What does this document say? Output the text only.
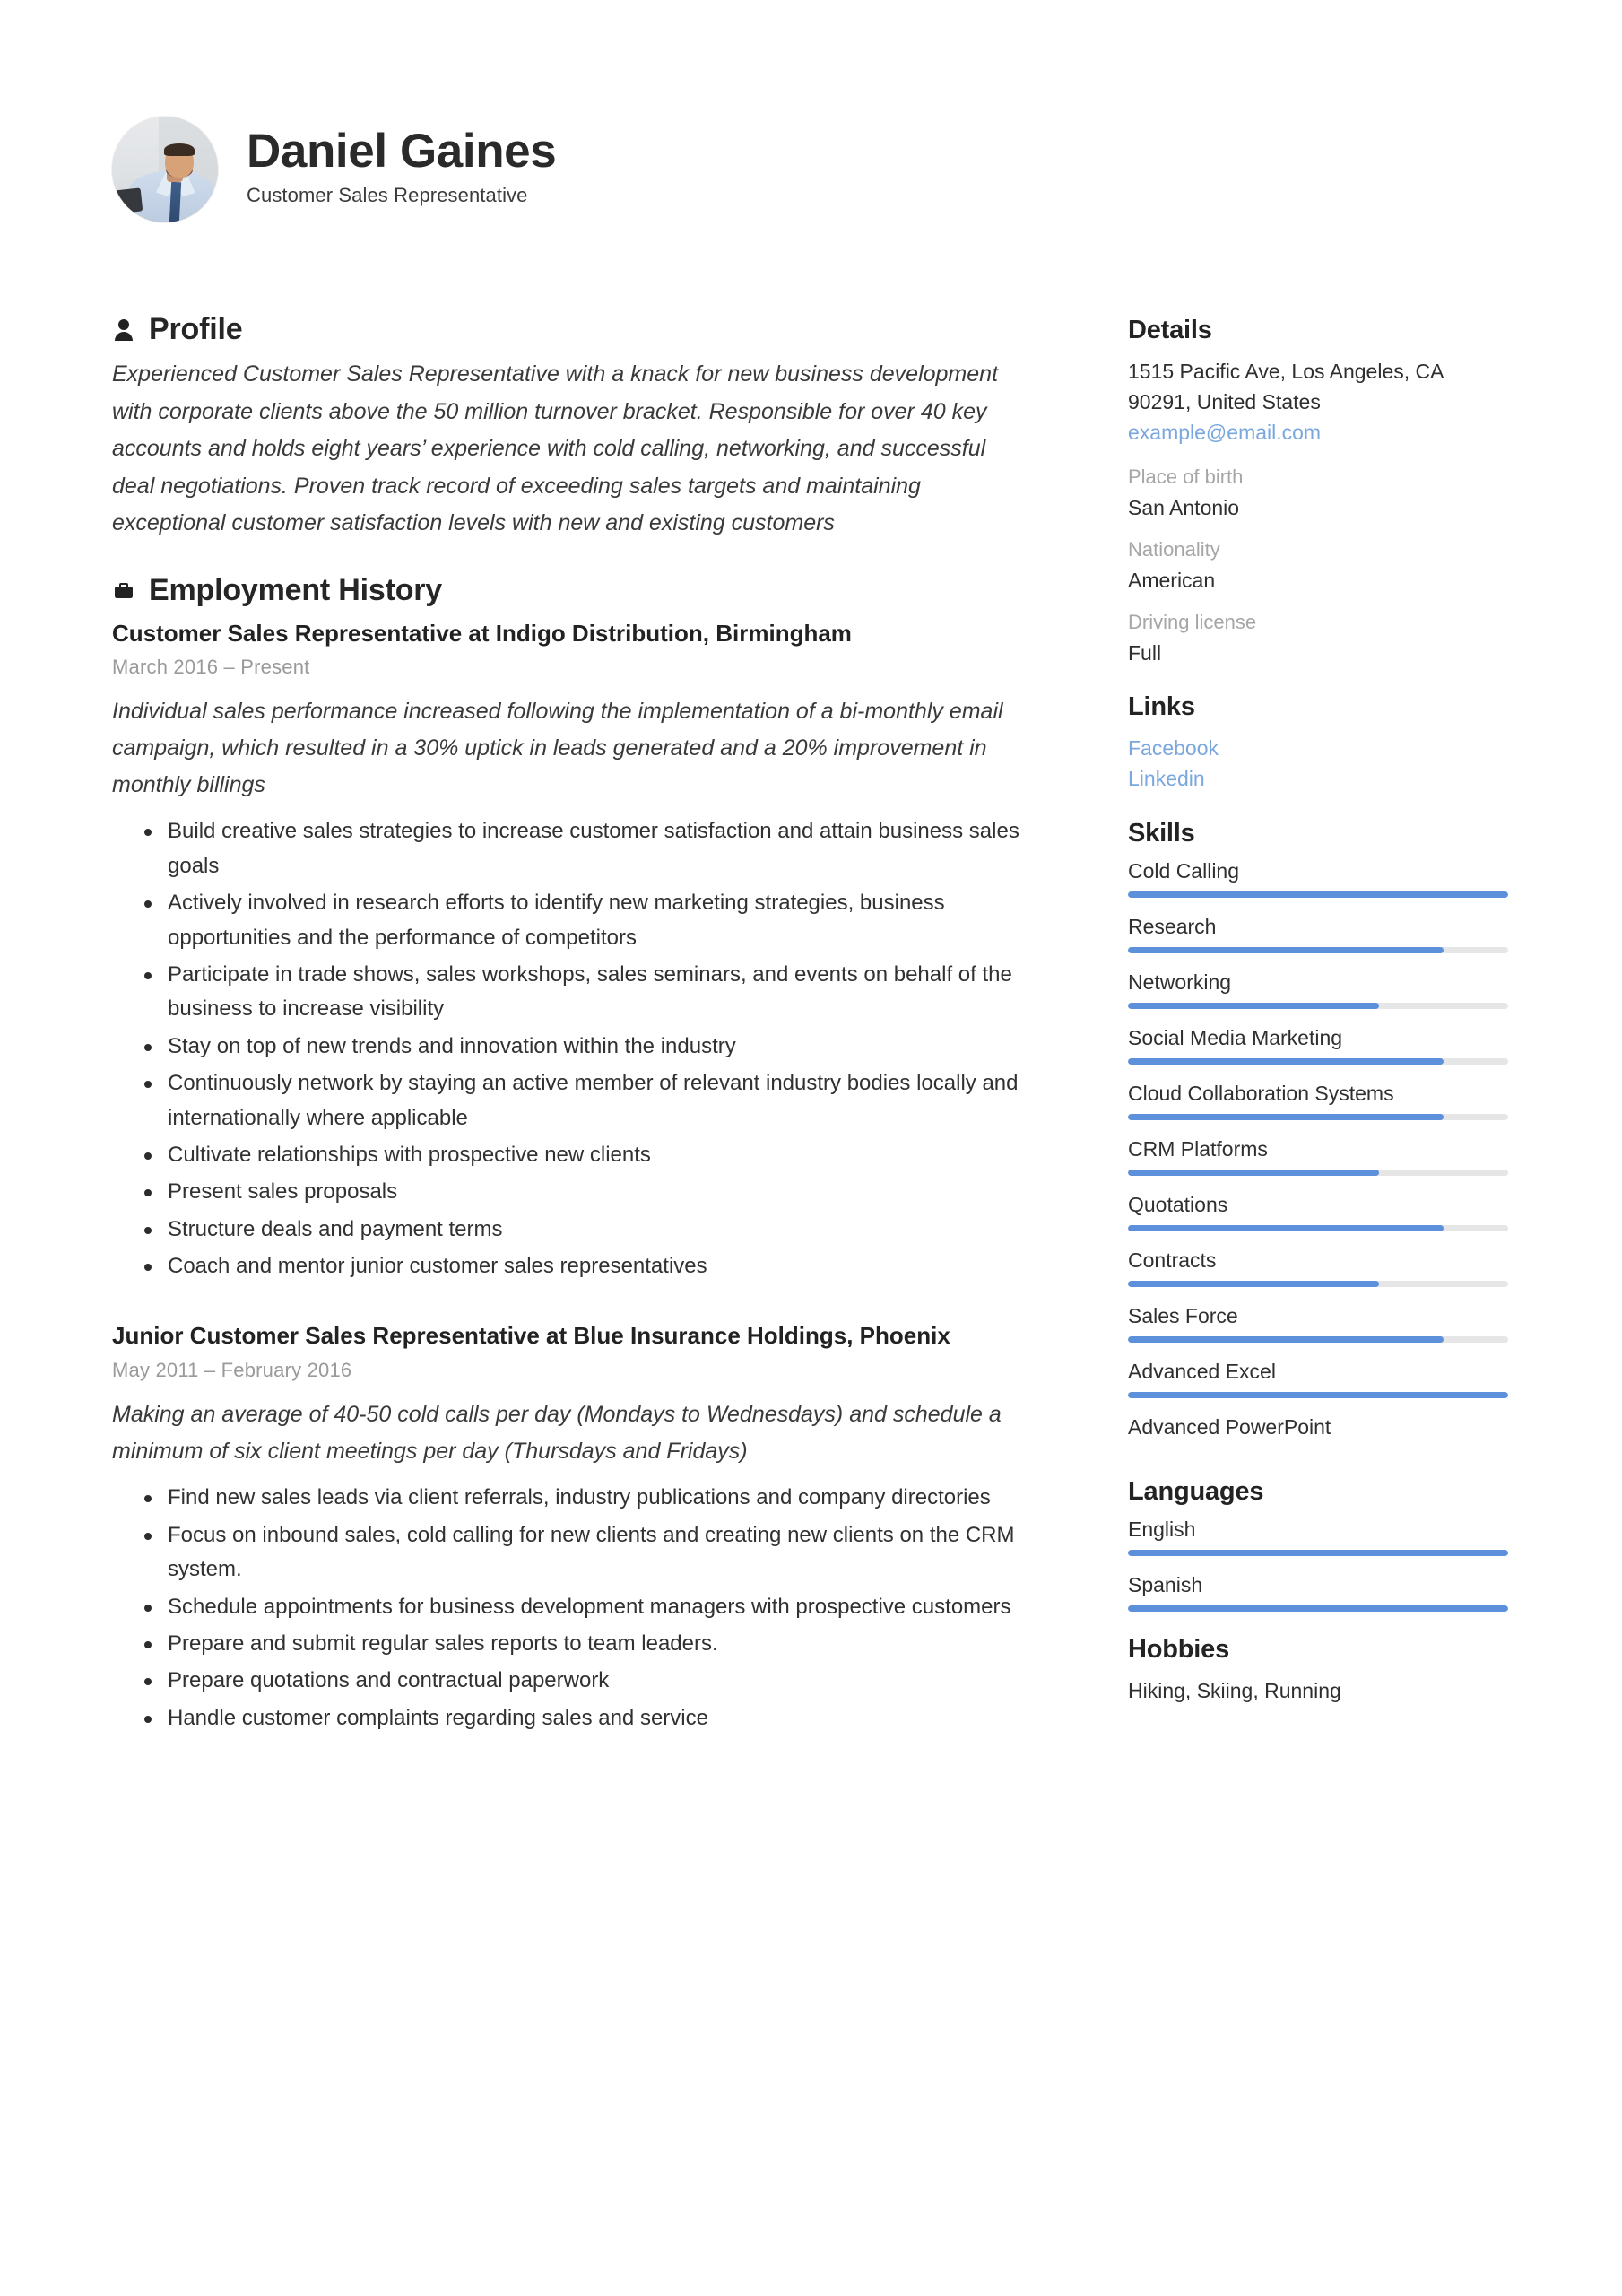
Daniel Gaines
Customer Sales Representative
Profile
Experienced Customer Sales Representative with a knack for new business development with corporate clients above the 50 million turnover bracket. Responsible for over 40 key accounts and holds eight years’ experience with cold calling, networking, and successful deal negotiations. Proven track record of exceeding sales targets and maintaining exceptional customer satisfaction levels with new and existing customers
Employment History
Customer Sales Representative at Indigo Distribution, Birmingham
March 2016 – Present
Individual sales performance increased following the implementation of a bi-monthly email campaign, which resulted in a 30% uptick in leads generated and a 20% improvement in monthly billings
Build creative sales strategies to increase customer satisfaction and attain business sales goals
Actively involved in research efforts to identify new marketing strategies, business opportunities and the performance of competitors
Participate in trade shows, sales workshops, sales seminars, and events on behalf of the business to increase visibility
Stay on top of new trends and innovation within the industry
Continuously network by staying an active member of relevant industry bodies locally and internationally where applicable
Cultivate relationships with prospective new clients
Present sales proposals
Structure deals and payment terms
Coach and mentor junior customer sales representatives
Junior Customer Sales Representative at Blue Insurance Holdings, Phoenix
May 2011 – February 2016
Making an average of 40-50 cold calls per day (Mondays to Wednesdays) and schedule a minimum of six client meetings per day (Thursdays and Fridays)
Find new sales leads via client referrals, industry publications and company directories
Focus on inbound sales, cold calling for new clients and creating new clients on the CRM system.
Schedule appointments for business development managers with prospective customers
Prepare and submit regular sales reports to team leaders.
Prepare quotations and contractual paperwork
Handle customer complaints regarding sales and service
Details
1515 Pacific Ave, Los Angeles, CA
90291, United States
example@email.com
Place of birth
San Antonio
Nationality
American
Driving license
Full
Links
Facebook
Linkedin
Skills
Cold Calling
Research
Networking
Social Media Marketing
Cloud Collaboration Systems
CRM Platforms
Quotations
Contracts
Sales Force
Advanced Excel
Advanced PowerPoint
Languages
English
Spanish
Hobbies
Hiking, Skiing, Running
